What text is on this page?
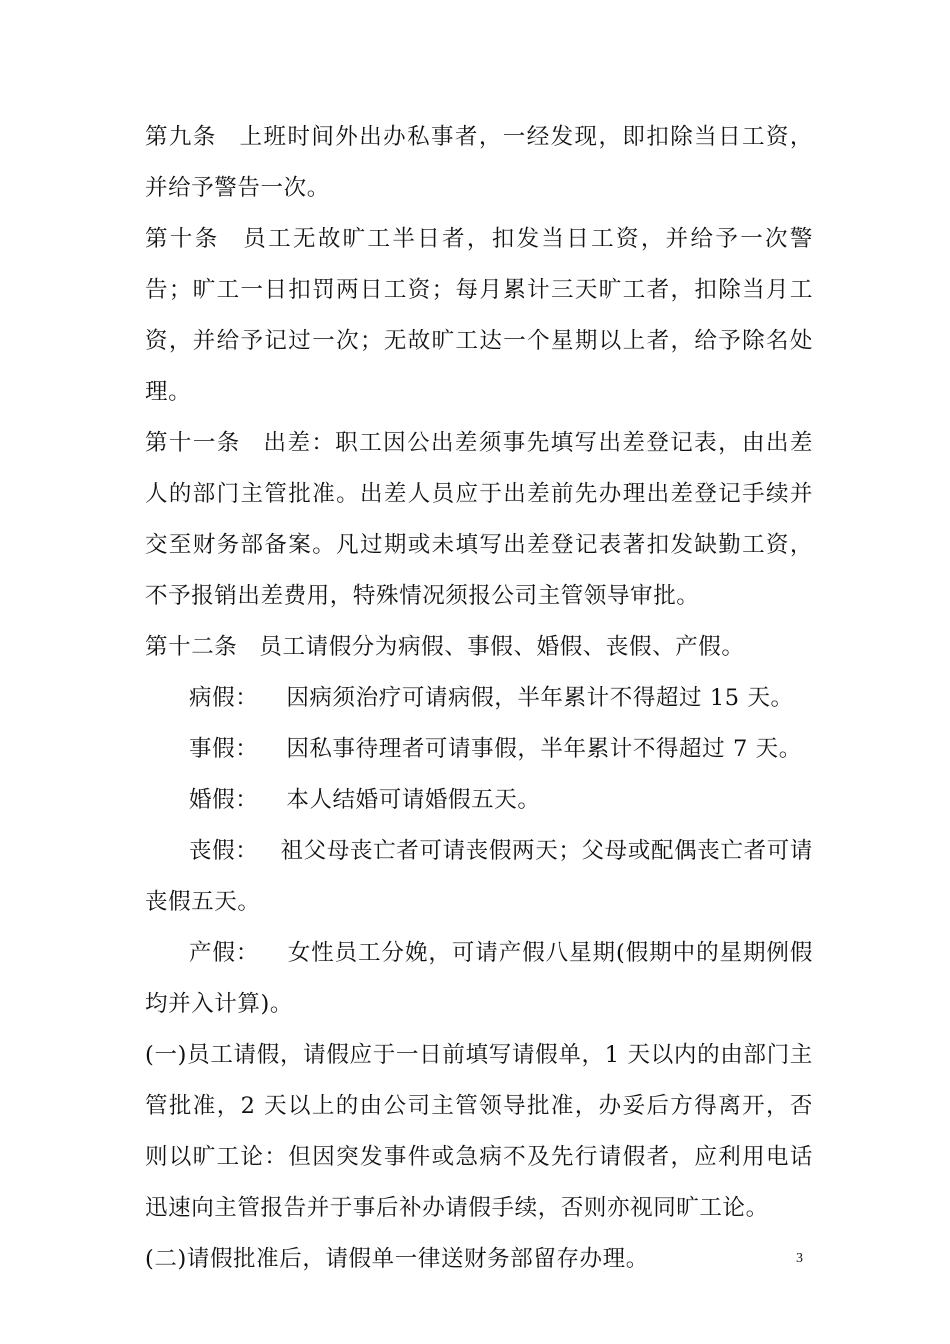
第九条 上班时间外出办私事者，一经发现，即扣除当日工资，并给予警告一次。

第十条 员工无故旷工半日者，扣发当日工资，并给予一次警告；旷工一日扣罚两日工资；每月累计三天旷工者，扣除当月工资，并给予记过一次；无故旷工达一个星期以上者，给予除名处理。

第十一条 出差：职工因公出差须事先填写出差登记表，由出差人的部门主管批准。出差人员应于出差前先办理出差登记手续并交至财务部备案。凡过期或未填写出差登记表著扣发缺勤工资，不予报销出差费用，特殊情况须报公司主管领导审批。

第十二条 员工请假分为病假、事假、婚假、丧假、产假。

病假： 因病须治疗可请病假，半年累计不得超过 15 天。

事假： 因私事待理者可请事假，半年累计不得超过 7 天。

婚假： 本人结婚可请婚假五天。

丧假： 祖父母丧亡者可请丧假两天；父母或配偶丧亡者可请丧假五天。

产假： 女性员工分娩，可请产假八星期(假期中的星期例假均并入计算)。

(一)员工请假，请假应于一日前填写请假单，1 天以内的由部门主管批准，2 天以上的由公司主管领导批准，办妥后方得离开，否则以旷工论：但因突发事件或急病不及先行请假者，应利用电话迅速向主管报告并于事后补办请假手续，否则亦视同旷工论。

(二)请假批准后，请假单一律送财务部留存办理。	3
